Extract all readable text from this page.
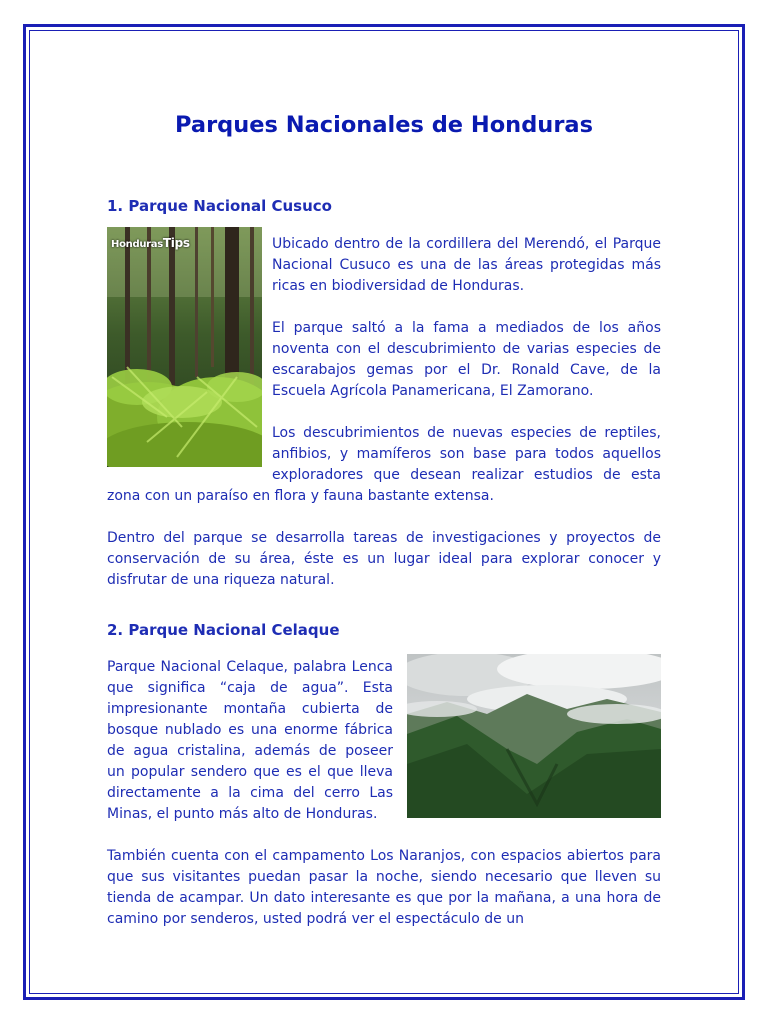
Parques Nacionales de Honduras
1. Parque Nacional Cusuco
HondurasTips	Ubicado dentro de la cordillera del Merendó, el Parque Nacional Cusuco es una de las áreas protegidas más ricas en biodiversidad de Honduras.

El parque saltó a la fama a mediados de los años noventa con el descubrimiento de varias especies de escarabajos gemas por el Dr. Ronald Cave, de la Escuela Agrícola Panamericana, El Zamorano.

Los descubrimientos de nuevas especies de reptiles, anfibios, y mamíferos son base para todos aquellos exploradores que desean realizar estudios de esta zona con un paraíso en flora y fauna bastante extensa.

Dentro del parque se desarrolla tareas de investigaciones y proyectos de conservación de su área, éste es un lugar ideal para explorar conocer y disfrutar de una riqueza natural.

2. Parque Nacional Celaque

Parque Nacional Celaque, palabra Lenca que significa “caja de agua”. Esta impresionante montaña cubierta de bosque nublado es una enorme fábrica de agua cristalina, además de poseer un popular sendero que es el que lleva directamente a la cima del cerro Las Minas, el punto más alto de Honduras.

También cuenta con el campamento Los Naranjos, con espacios abiertos para que sus visitantes puedan pasar la noche, siendo necesario que lleven su tienda de acampar. Un dato interesante es que por la mañana, a una hora de camino por senderos, usted podrá ver el espectáculo de un
